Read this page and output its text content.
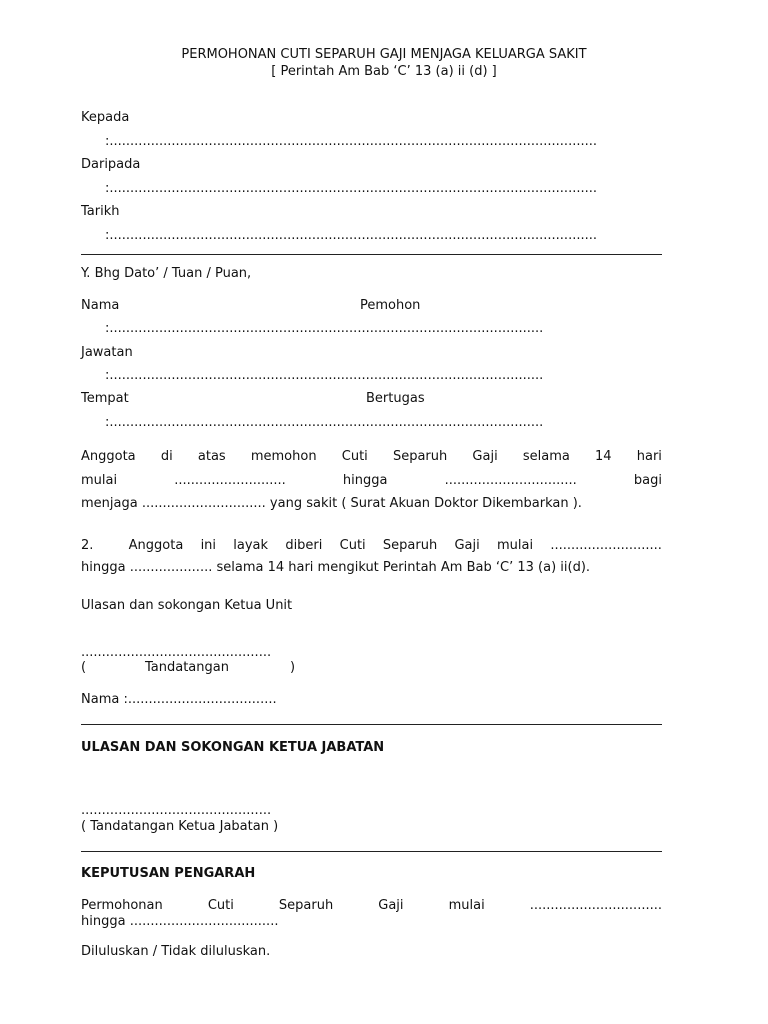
PERMOHONAN CUTI SEPARUH GAJI MENJAGA KELUARGA SAKIT
[ Perintah Am Bab ‘C’ 13 (a) ii (d) ]
Kepada
:......................................................................................................................
Daripada
:......................................................................................................................
Tarikh
:......................................................................................................................
Y. Bhg Dato’ / Tuan / Puan,
Nama	Pemohon
:.........................................................................................................
Jawatan
:.........................................................................................................
Tempat	Bertugas
:.........................................................................................................
Anggota di atas memohon Cuti Separuh Gaji selama 14 hari
mulai	...........................	hingga	................................	bagi
menjaga .............................. yang sakit ( Surat Akuan Doktor Dikembarkan ).
2.	Anggota ini layak diberi Cuti Separuh Gaji mulai ...........................
hingga .................... selama 14 hari mengikut Perintah Am Bab ‘C’ 13 (a) ii(d).
Ulasan dan sokongan Ketua Unit
..............................................
(	Tandatangan	)
Nama :....................................
ULASAN DAN SOKONGAN KETUA JABATAN
..............................................
( Tandatangan Ketua Jabatan )
KEPUTUSAN PENGARAH
Permohonan	Cuti	Separuh	Gaji	mulai	................................
hingga ....................................
Diluluskan / Tidak diluluskan.
